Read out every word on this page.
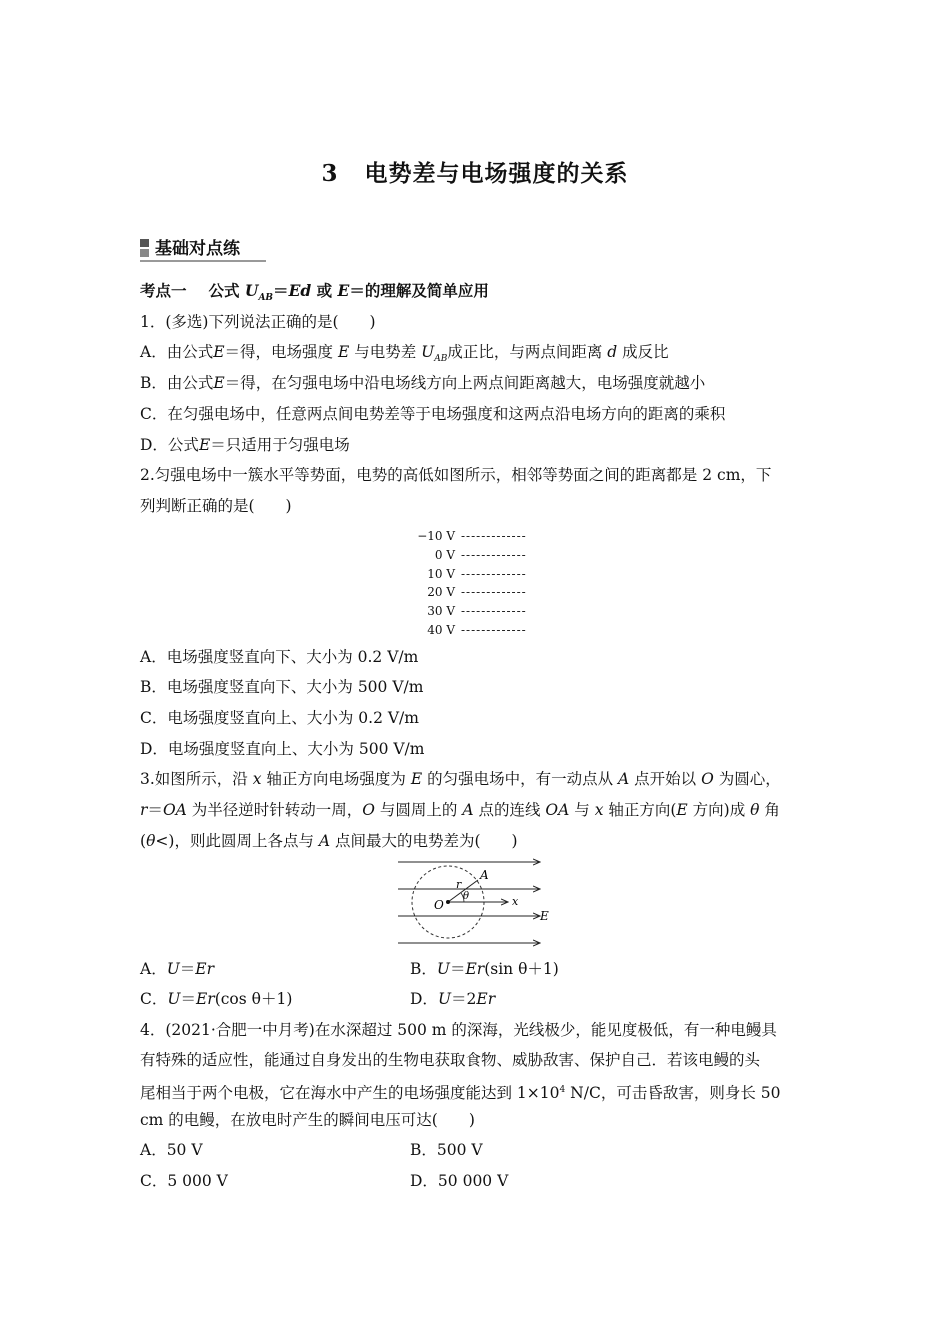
3 电势差与电场强度的关系
基础对点练
考点一 公式 $U_{AB}=Ed$ 或 E＝的理解及简单应用
1．(多选)下列说法正确的是(　　)
A．由公式E＝得，电场强度 E 与电势差 $U_{AB}$成正比，与两点间距离 d 成反比
B．由公式E＝得，在匀强电场中沿电场线方向上两点间距离越大，电场强度就越小
C．在匀强电场中，任意两点间电势差等于电场强度和这两点沿电场方向的距离的乘积
D．公式E＝只适用于匀强电场
2.匀强电场中一簇水平等势面，电势的高低如图所示，相邻等势面之间的距离都是 2 cm，下
列判断正确的是(　　)
−10 V -------------
0 V -------------
10 V -------------
20 V -------------
30 V -------------
40 V -------------
A．电场强度竖直向下、大小为 0.2 V/m
B．电场强度竖直向下、大小为 500 V/m
C．电场强度竖直向上、大小为 0.2 V/m
D．电场强度竖直向上、大小为 500 V/m
3.如图所示，沿 x 轴正方向电场强度为 E 的匀强电场中，有一动点从 A 点开始以 O 为圆心，
r＝OA 为半径逆时针转动一周，O 与圆周上的 A 点的连线 OA 与 x 轴正方向(E 方向)成 θ 角
(θ<)，则此圆周上各点与 A 点间最大的电势差为(　　)
A
r
θ
O	x
E
A．U＝Er	B．U＝Er(sin θ＋1)
C．U＝Er(cos θ＋1)	D．U＝2Er
4．(2021·合肥一中月考)在水深超过 500 m 的深海，光线极少，能见度极低，有一种电鳗具
有特殊的适应性，能通过自身发出的生物电获取食物、威胁敌害、保护自己．若该电鳗的头
尾相当于两个电极，它在海水中产生的电场强度能达到 $1\times 10^4$ N/C，可击昏敌害，则身长 50
cm 的电鳗，在放电时产生的瞬间电压可达(　　)
A．50 V	B．500 V
C．5 000 V	D．50 000 V
